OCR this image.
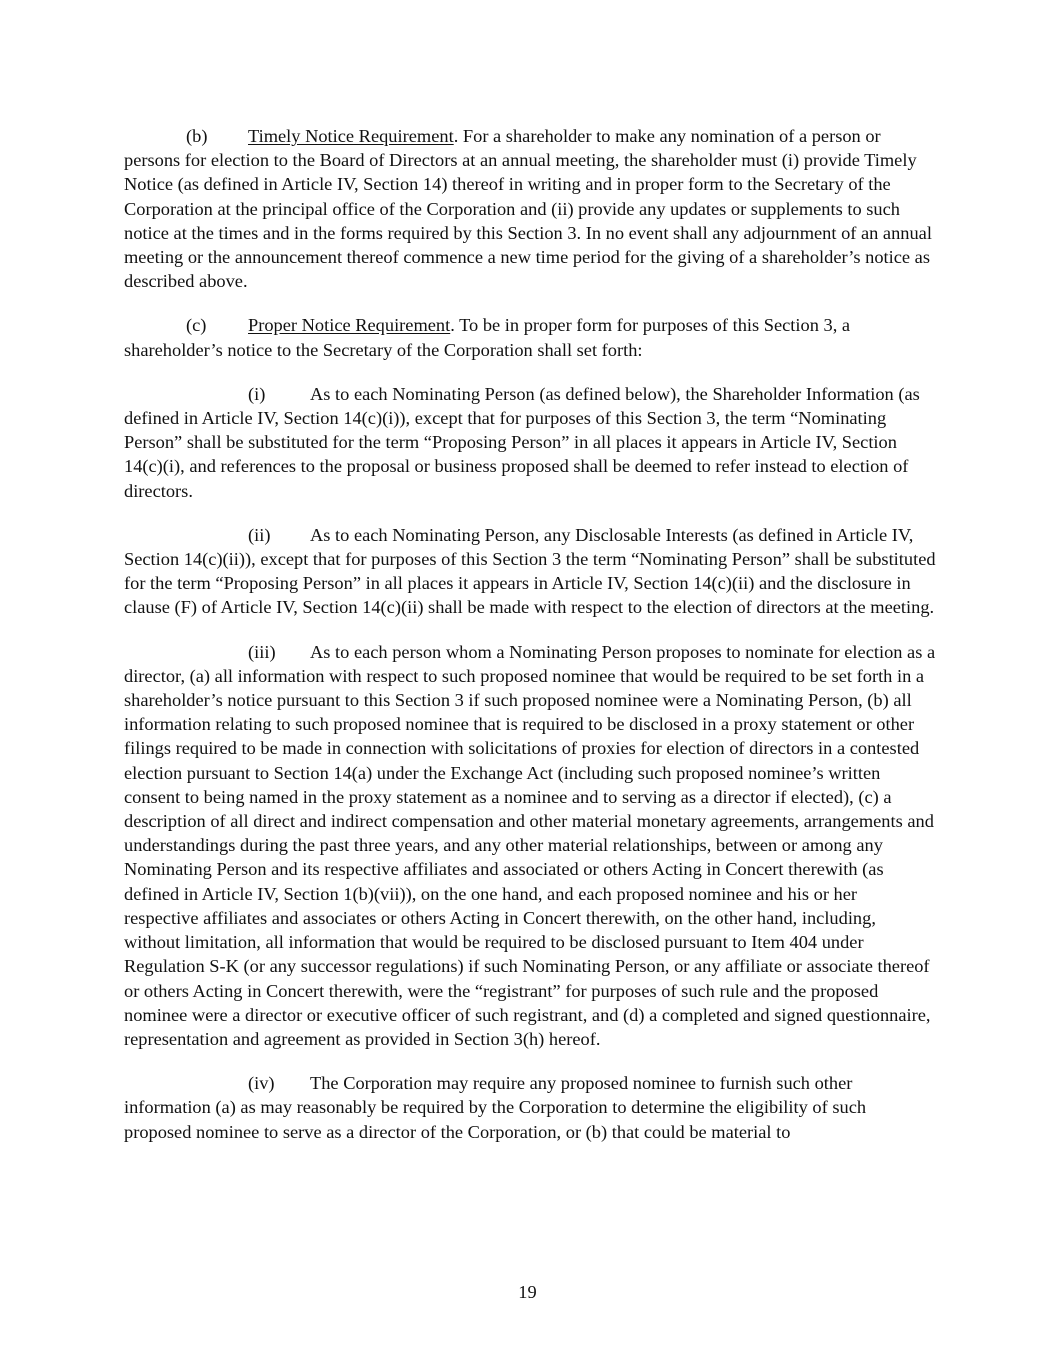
(b) Timely Notice Requirement. For a shareholder to make any nomination of a person or persons for election to the Board of Directors at an annual meeting, the shareholder must (i) provide Timely Notice (as defined in Article IV, Section 14) thereof in writing and in proper form to the Secretary of the Corporation at the principal office of the Corporation and (ii) provide any updates or supplements to such notice at the times and in the forms required by this Section 3. In no event shall any adjournment of an annual meeting or the announcement thereof commence a new time period for the giving of a shareholder’s notice as described above.

(c) Proper Notice Requirement. To be in proper form for purposes of this Section 3, a shareholder’s notice to the Secretary of the Corporation shall set forth:

(i) As to each Nominating Person (as defined below), the Shareholder Information (as defined in Article IV, Section 14(c)(i)), except that for purposes of this Section 3, the term “Nominating Person” shall be substituted for the term “Proposing Person” in all places it appears in Article IV, Section 14(c)(i), and references to the proposal or business proposed shall be deemed to refer instead to election of directors.

(ii) As to each Nominating Person, any Disclosable Interests (as defined in Article IV, Section 14(c)(ii)), except that for purposes of this Section 3 the term “Nominating Person” shall be substituted for the term “Proposing Person” in all places it appears in Article IV, Section 14(c)(ii) and the disclosure in clause (F) of Article IV, Section 14(c)(ii) shall be made with respect to the election of directors at the meeting.

(iii) As to each person whom a Nominating Person proposes to nominate for election as a director, (a) all information with respect to such proposed nominee that would be required to be set forth in a shareholder’s notice pursuant to this Section 3 if such proposed nominee were a Nominating Person, (b) all information relating to such proposed nominee that is required to be disclosed in a proxy statement or other filings required to be made in connection with solicitations of proxies for election of directors in a contested election pursuant to Section 14(a) under the Exchange Act (including such proposed nominee’s written consent to being named in the proxy statement as a nominee and to serving as a director if elected), (c) a description of all direct and indirect compensation and other material monetary agreements, arrangements and understandings during the past three years, and any other material relationships, between or among any Nominating Person and its respective affiliates and associated or others Acting in Concert therewith (as defined in Article IV, Section 1(b)(vii)), on the one hand, and each proposed nominee and his or her respective affiliates and associates or others Acting in Concert therewith, on the other hand, including, without limitation, all information that would be required to be disclosed pursuant to Item 404 under Regulation S-K (or any successor regulations) if such Nominating Person, or any affiliate or associate thereof or others Acting in Concert therewith, were the “registrant” for purposes of such rule and the proposed nominee were a director or executive officer of such registrant, and (d) a completed and signed questionnaire, representation and agreement as provided in Section 3(h) hereof.

(iv) The Corporation may require any proposed nominee to furnish such other information (a) as may reasonably be required by the Corporation to determine the eligibility of such proposed nominee to serve as a director of the Corporation, or (b) that could be material to

19
